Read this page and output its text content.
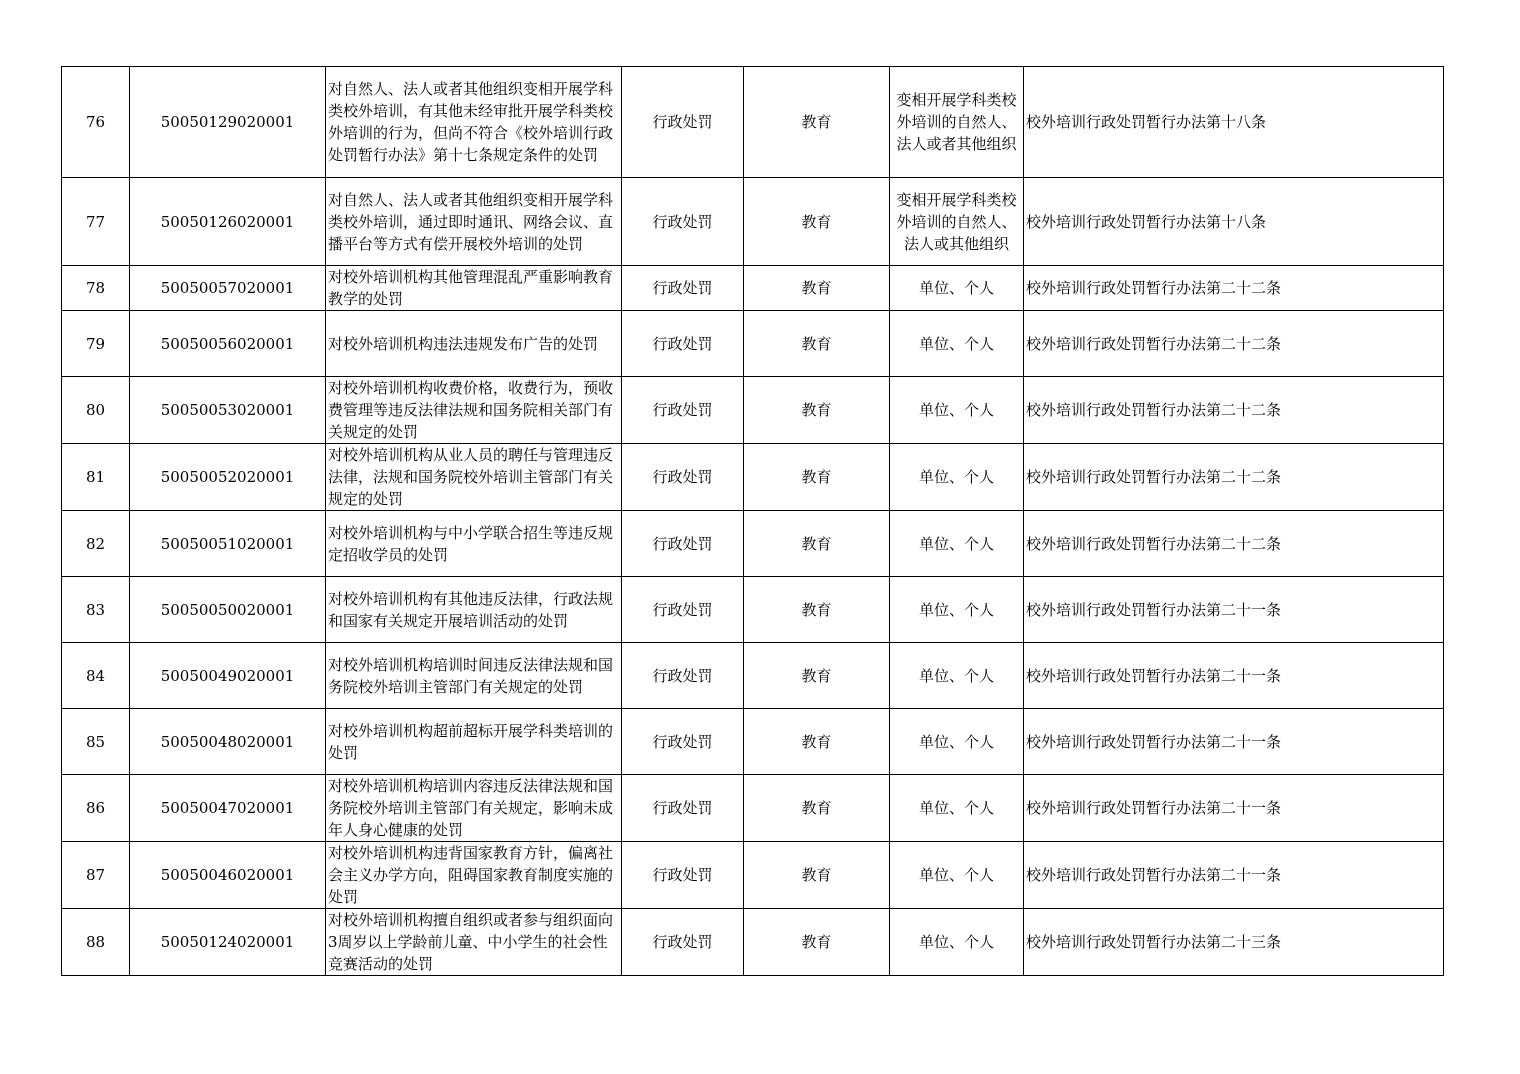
76	50050129020001	对自然人、法人或者其他组织变相开展学科类校外培训，有其他未经审批开展学科类校外培训的行为，但尚不符合《校外培训行政处罚暂行办法》第十七条规定条件的处罚	行政处罚	教育	变相开展学科类校外培训的自然人、法人或者其他组织	校外培训行政处罚暂行办法第十八条
77	50050126020001	对自然人、法人或者其他组织变相开展学科类校外培训，通过即时通讯、网络会议、直播平台等方式有偿开展校外培训的处罚	行政处罚	教育	变相开展学科类校外培训的自然人、法人或其他组织	校外培训行政处罚暂行办法第十八条
78	50050057020001	对校外培训机构其他管理混乱严重影响教育教学的处罚	行政处罚	教育	单位、个人	校外培训行政处罚暂行办法第二十二条
79	50050056020001	对校外培训机构违法违规发布广告的处罚	行政处罚	教育	单位、个人	校外培训行政处罚暂行办法第二十二条
80	50050053020001	对校外培训机构收费价格，收费行为，预收费管理等违反法律法规和国务院相关部门有关规定的处罚	行政处罚	教育	单位、个人	校外培训行政处罚暂行办法第二十二条
81	50050052020001	对校外培训机构从业人员的聘任与管理违反法律，法规和国务院校外培训主管部门有关规定的处罚	行政处罚	教育	单位、个人	校外培训行政处罚暂行办法第二十二条
82	50050051020001	对校外培训机构与中小学联合招生等违反规定招收学员的处罚	行政处罚	教育	单位、个人	校外培训行政处罚暂行办法第二十二条
83	50050050020001	对校外培训机构有其他违反法律，行政法规和国家有关规定开展培训活动的处罚	行政处罚	教育	单位、个人	校外培训行政处罚暂行办法第二十一条
84	50050049020001	对校外培训机构培训时间违反法律法规和国务院校外培训主管部门有关规定的处罚	行政处罚	教育	单位、个人	校外培训行政处罚暂行办法第二十一条
85	50050048020001	对校外培训机构超前超标开展学科类培训的处罚	行政处罚	教育	单位、个人	校外培训行政处罚暂行办法第二十一条
86	50050047020001	对校外培训机构培训内容违反法律法规和国务院校外培训主管部门有关规定，影响未成年人身心健康的处罚	行政处罚	教育	单位、个人	校外培训行政处罚暂行办法第二十一条
87	50050046020001	对校外培训机构违背国家教育方针，偏离社会主义办学方向，阻碍国家教育制度实施的处罚	行政处罚	教育	单位、个人	校外培训行政处罚暂行办法第二十一条
88	50050124020001	对校外培训机构擅自组织或者参与组织面向3周岁以上学龄前儿童、中小学生的社会性竞赛活动的处罚	行政处罚	教育	单位、个人	校外培训行政处罚暂行办法第二十三条
